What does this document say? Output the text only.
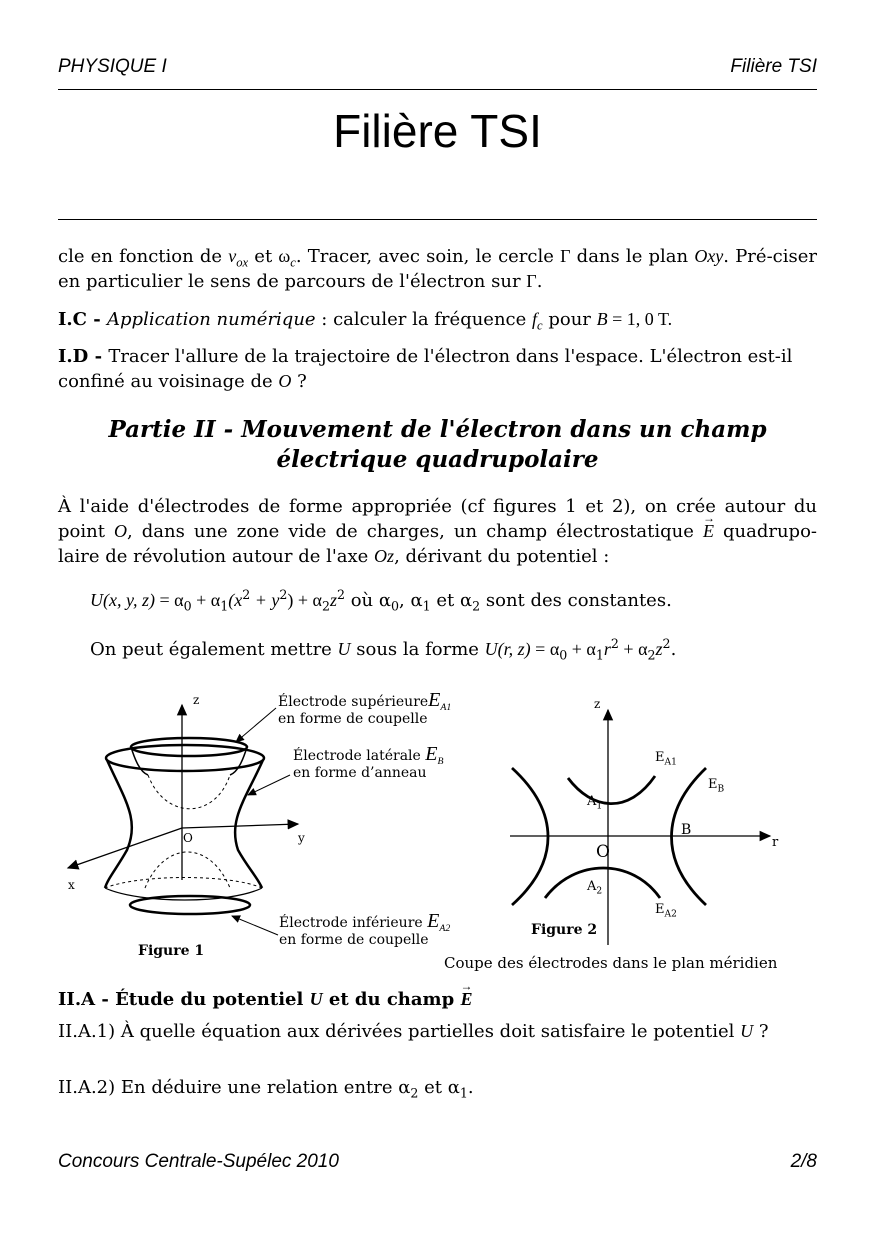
PHYSIQUE I	Filière TSI
Filière TSI
cle en fonction de $v_{ox}$ et $\omega_c$. Tracer, avec soin, le cercle Γ dans le plan Oxy. Pré-ciser en particulier le sens de parcours de l'électron sur Γ.
I.C - Application numérique : calculer la fréquence $f_c$ pour B = 1, 0 T.
I.D - Tracer l'allure de la trajectoire de l'électron dans l'espace. L'électron est-il confiné au voisinage de O ?
Partie II - Mouvement de l'électron dans un champ
électrique quadrupolaire
À l'aide d'électrodes de forme appropriée (cf figures 1 et 2), on crée autour du point O, dans une zone vide de charges, un champ électrostatique → E quadrupo-laire de révolution autour de l'axe Oz, dérivant du potentiel :
U(x, y, $z) = \alpha_0 + \alpha_1(x^2 + y^2) + \alpha_2z^2$ où $\alpha_0$, $\alpha_1$ et $\alpha_2$ sont des constantes.
On peut également mettre U sous la forme U(r, $z) = \alpha_0 + \alpha_1r^2 + \alpha_2z^2$.
z
y
x
O
Électrode supérieureE$_{A1}$
en forme de coupelle
Électrode latérale $E_B$
en forme d’anneau
Électrode inférieure $E_{A2}$
en forme de coupelle
Figure 1
z
r
O
$A_1$
$A_2$
B
$E_{A1}$
$E_B$
$E_{A2}$
Figure 2
Coupe des électrodes dans le plan méridien
II.A - Étude du potentiel U et du champ → E
II.A.1) À quelle équation aux dérivées partielles doit satisfaire le potentiel U ?
II.A.2) En déduire une relation entre $\alpha_2$ et $\alpha_1$.
Concours Centrale-Supélec 2010	2/8
